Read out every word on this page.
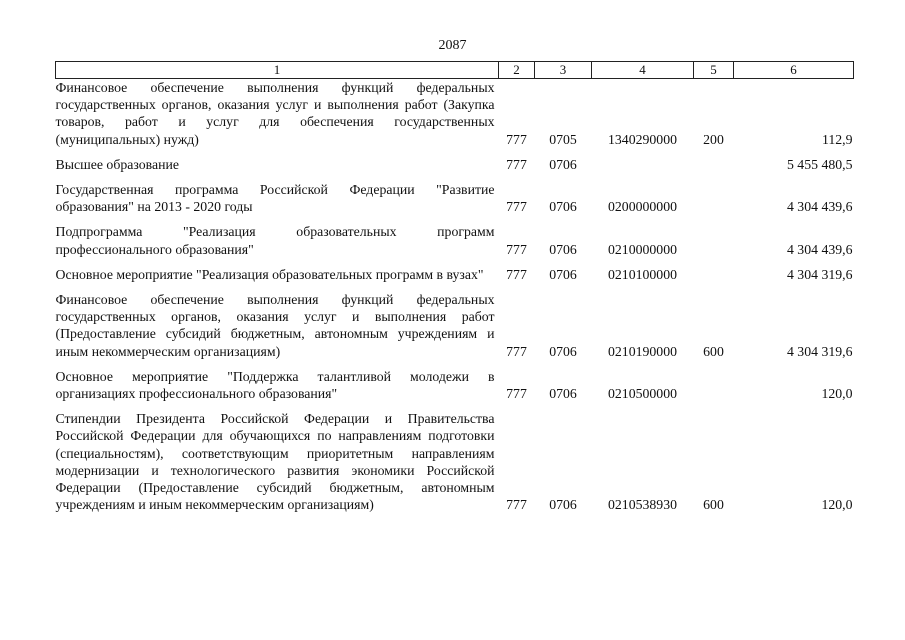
2087
1	2	3	4	5	6
Финансовое обеспечение выполнения функций федеральных государственных органов, оказания услуг и выполнения работ (Закупка товаров, работ и услуг для обеспечения государственных (муниципальных) нужд)	777	0705	1340290000	200	112,9

Высшее образование	777	0706			5 455 480,5

Государственная программа Российской Федерации "Развитие образования" на 2013 - 2020 годы	777	0706	0200000000		4 304 439,6

Подпрограмма "Реализация образовательных программ профессионального образования"	777	0706	0210000000		4 304 439,6

Основное мероприятие "Реализация образовательных программ в вузах"	777	0706	0210100000		4 304 319,6

Финансовое обеспечение выполнения функций федеральных государственных органов, оказания услуг и выполнения работ (Предоставление субсидий бюджетным, автономным учреждениям и иным некоммерческим организациям)	777	0706	0210190000	600	4 304 319,6

Основное мероприятие "Поддержка талантливой молодежи в организациях профессионального образования"	777	0706	0210500000		120,0

Стипендии Президента Российской Федерации и Правительства Российской Федерации для обучающихся по направлениям подготовки (специальностям), соответствующим приоритетным направлениям модернизации и технологического развития экономики Российской Федерации (Предоставление субсидий бюджетным, автономным учреждениям и иным некоммерческим организациям)	777	0706	0210538930	600	120,0
